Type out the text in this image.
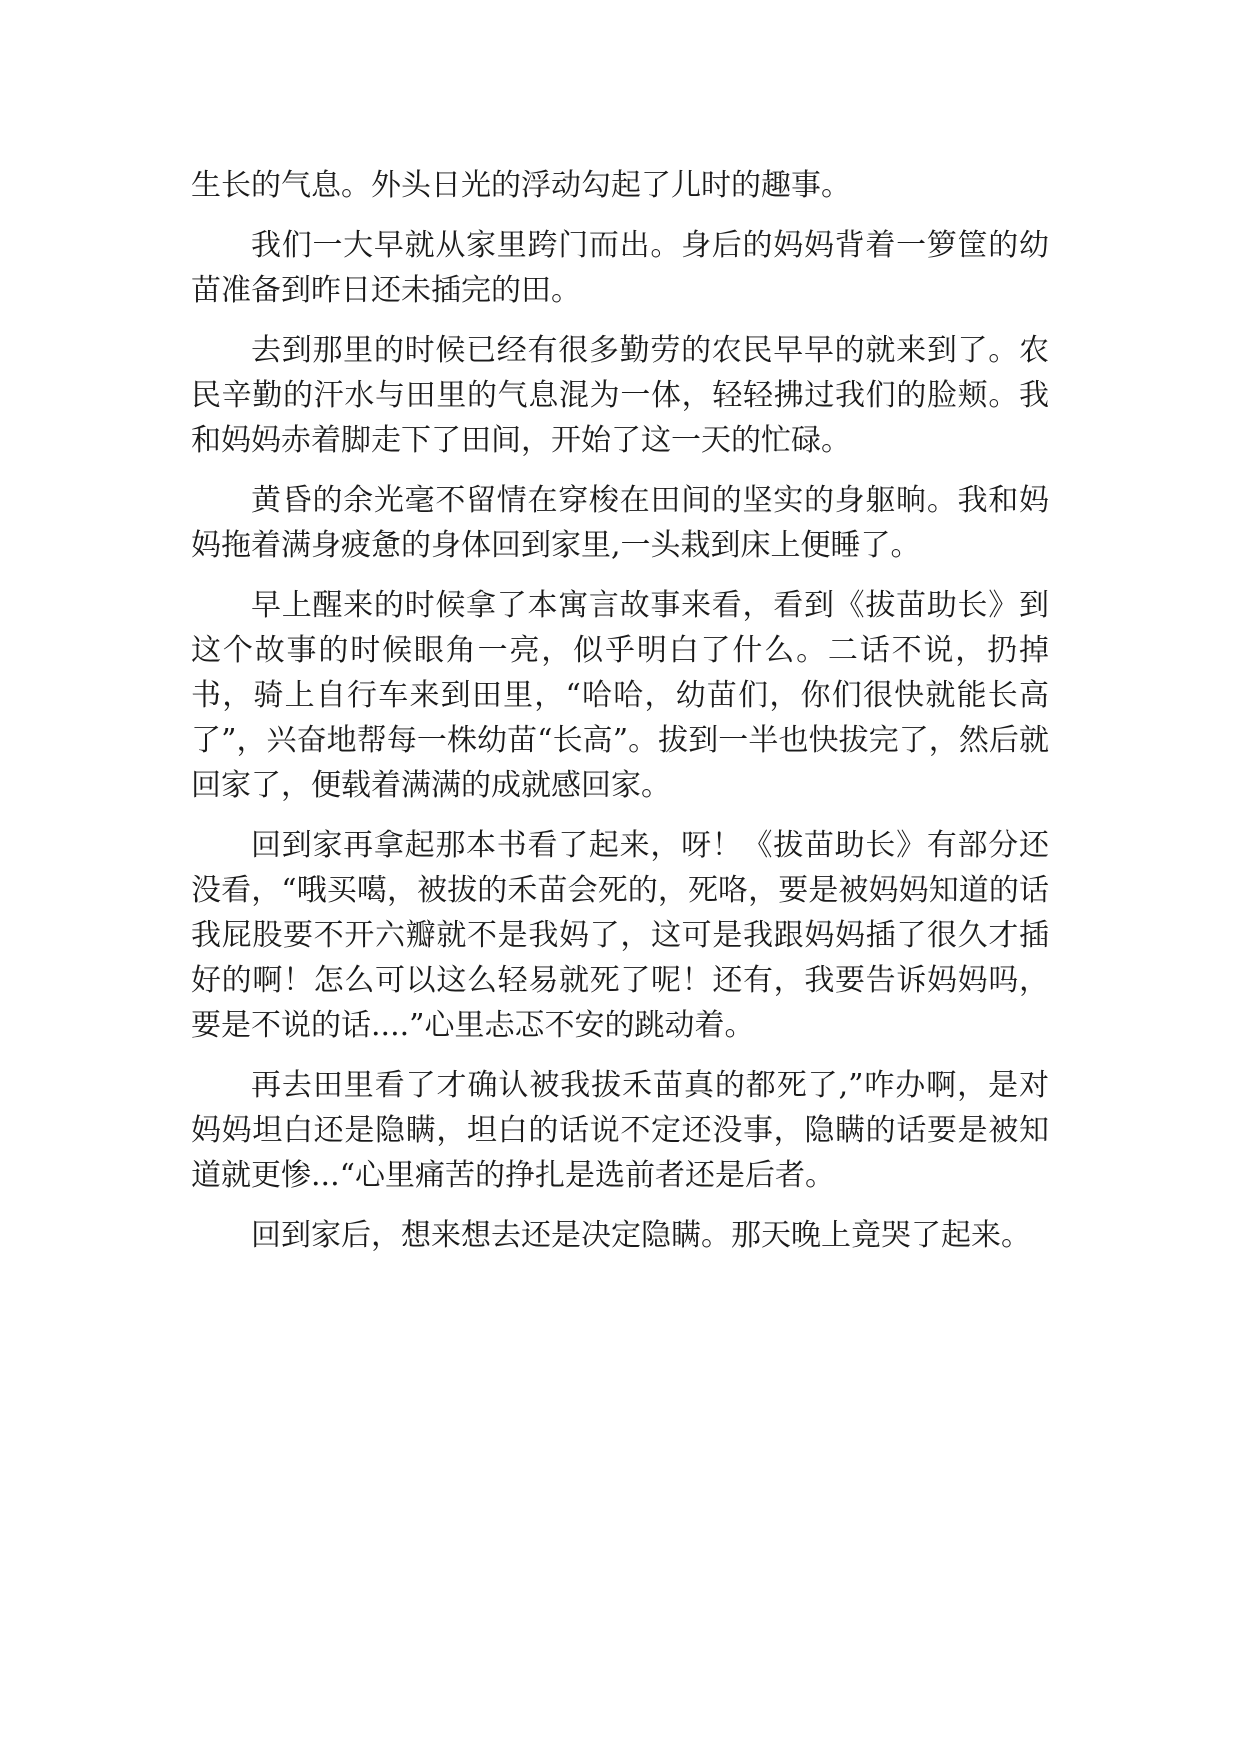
生长的气息。外头日光的浮动勾起了儿时的趣事。

我们一大早就从家里跨门而出。身后的妈妈背着一箩筐的幼苗准备到昨日还未插完的田。

去到那里的时候已经有很多勤劳的农民早早的就来到了。农民辛勤的汗水与田里的气息混为一体，轻轻拂过我们的脸颊。我和妈妈赤着脚走下了田间，开始了这一天的忙碌。

黄昏的余光毫不留情在穿梭在田间的坚实的身躯晌。我和妈妈拖着满身疲惫的身体回到家里,一头栽到床上便睡了。

早上醒来的时候拿了本寓言故事来看，看到《拔苗助长》到这个故事的时候眼角一亮，似乎明白了什么。二话不说，扔掉书，骑上自行车来到田里，“哈哈，幼苗们，你们很快就能长高了”，兴奋地帮每一株幼苗“长高”。拔到一半也快拔完了，然后就回家了，便载着满满的成就感回家。

回到家再拿起那本书看了起来，呀！《拔苗助长》有部分还没看，“哦买噶，被拔的禾苗会死的，死咯，要是被妈妈知道的话我屁股要不开六瓣就不是我妈了，这可是我跟妈妈插了很久才插好的啊！怎么可以这么轻易就死了呢！还有，我要告诉妈妈吗，要是不说的话....”心里忐忑不安的跳动着。

再去田里看了才确认被我拔禾苗真的都死了,”咋办啊，是对妈妈坦白还是隐瞒，坦白的话说不定还没事，隐瞒的话要是被知道就更惨...“心里痛苦的挣扎是选前者还是后者。

回到家后，想来想去还是决定隐瞒。那天晚上竟哭了起来。
